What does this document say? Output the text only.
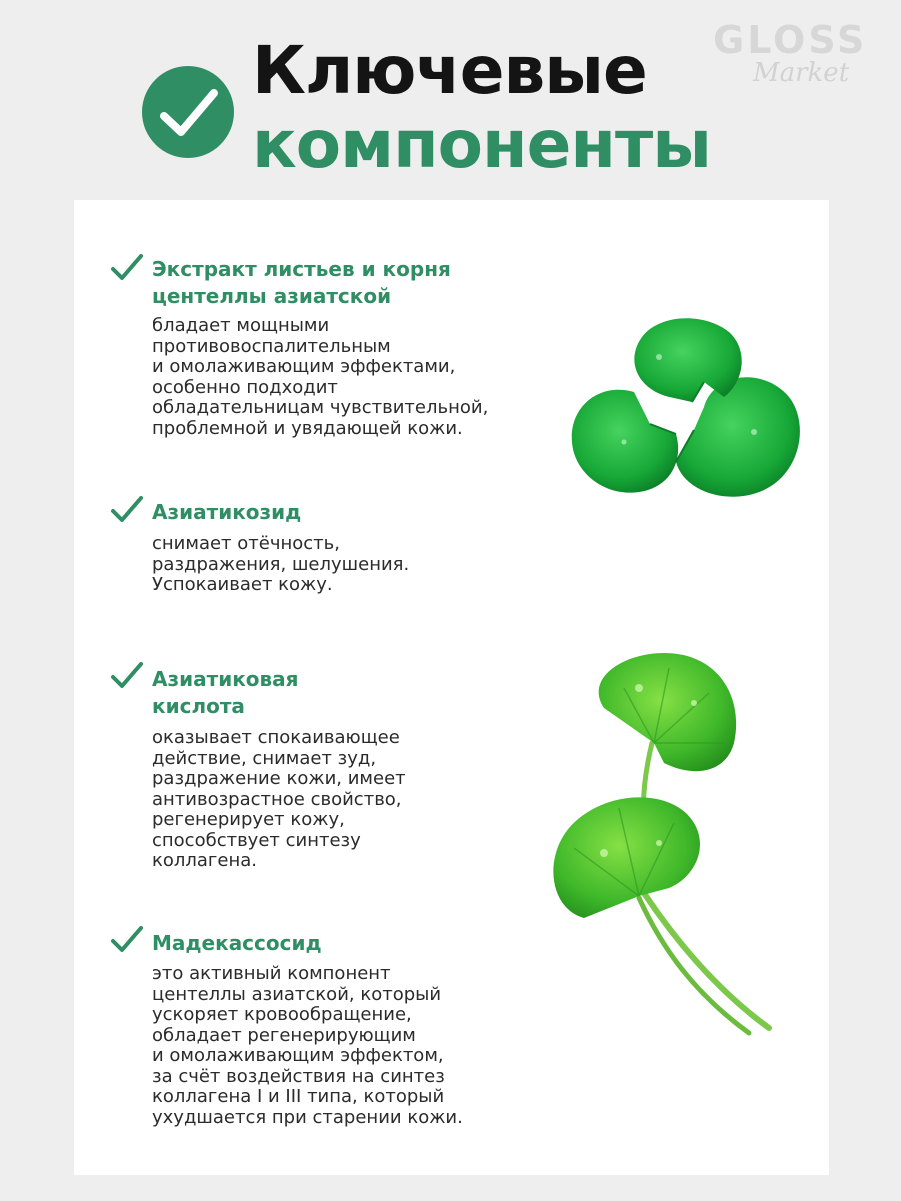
GLOSS
Market
Ключевые
компоненты
Экстракт листьев и корня
центеллы азиатской
бладает мощными
противовоспалительным
и омолаживающим эффектами,
особенно подходит
обладательницам чувствительной,
проблемной и увядающей кожи.
Азиатикозид
снимает отёчность,
раздражения, шелушения.
Успокаивает кожу.
Азиатиковая
кислота
оказывает спокаивающее
действие, снимает зуд,
раздражение кожи, имеет
антивозрастное свойство,
регенерирует кожу,
способствует синтезу
коллагена.
Мадекассосид
это активный компонент
центеллы азиатской, который
ускоряет кровообращение,
обладает регенерирующим
и омолаживающим эффектом,
за счёт воздействия на синтез
коллагена I и III типа, который
ухудшается при старении кожи.
